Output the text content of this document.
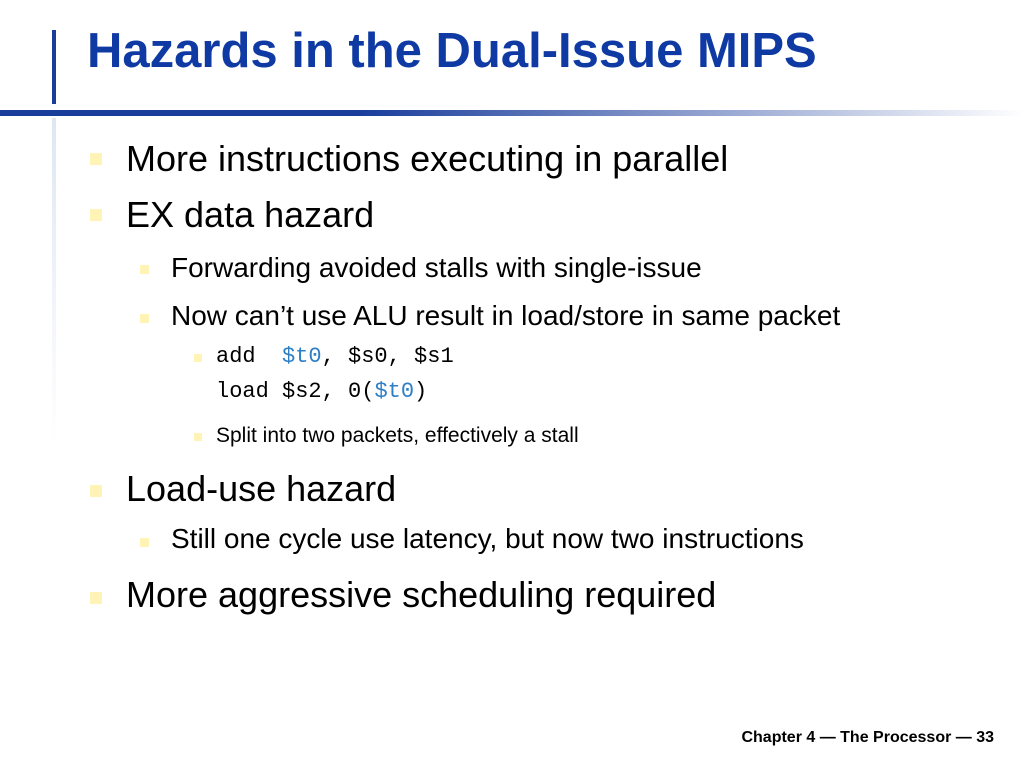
Hazards in the Dual-Issue MIPS
More instructions executing in parallel
EX data hazard
Forwarding avoided stalls with single-issue
Now can’t use ALU result in load/store in same packet
add  $t0, $s0, $s1
load $s2, 0($t0)
Split into two packets, effectively a stall
Load-use hazard
Still one cycle use latency, but now two instructions
More aggressive scheduling required
Chapter 4 — The Processor — 33
